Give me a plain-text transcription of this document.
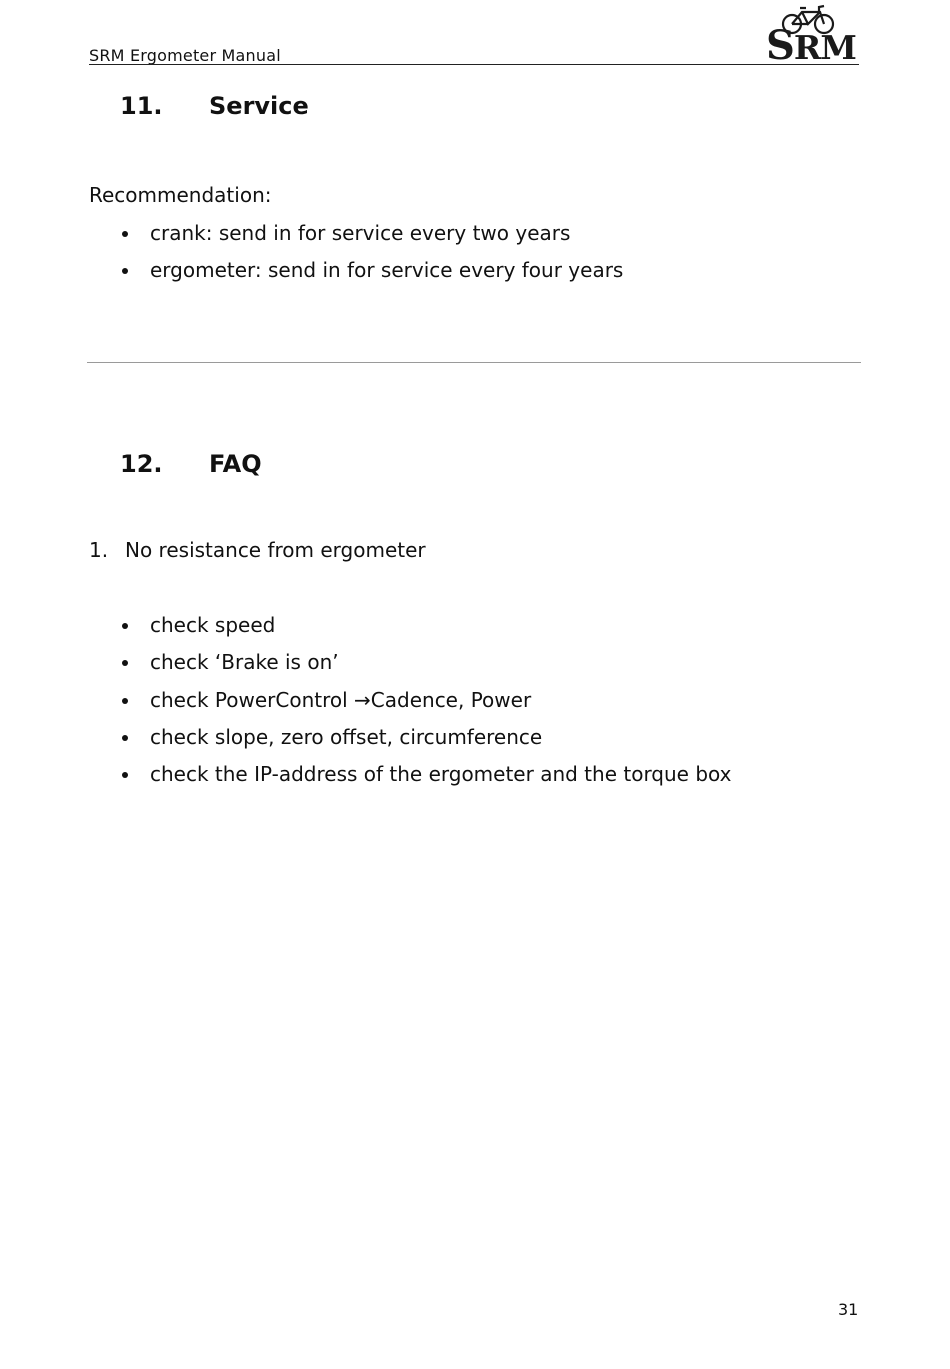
SRM Ergometer Manual	SRM
11. Service
Recommendation:
crank: send in for service every two years
ergometer: send in for service every four years
12. FAQ
1. No resistance from ergometer
check speed
check ‘Brake is on’
check PowerControl →Cadence, Power
check slope, zero offset, circumference
check the IP-address of the ergometer and the torque box
31
